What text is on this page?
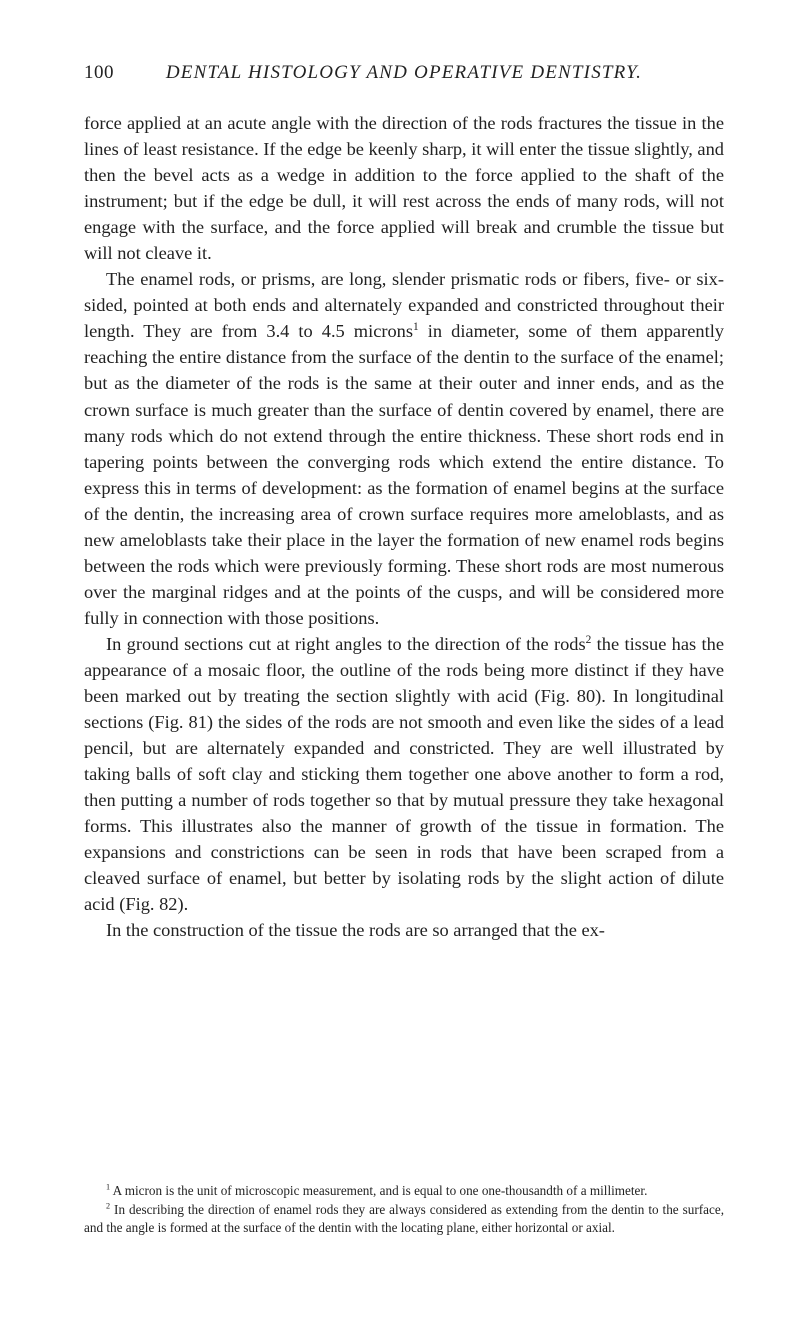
100	DENTAL HISTOLOGY AND OPERATIVE DENTISTRY.

force applied at an acute angle with the direction of the rods fractures the tissue in the lines of least resistance. If the edge be keenly sharp, it will enter the tissue slightly, and then the bevel acts as a wedge in addition to the force applied to the shaft of the instrument; but if the edge be dull, it will rest across the ends of many rods, will not engage with the surface, and the force applied will break and crumble the tissue but will not cleave it.

The enamel rods, or prisms, are long, slender prismatic rods or fibers, five- or six-sided, pointed at both ends and alternately expanded and constricted throughout their length. They are from 3.4 to 4.5 microns$^1$ in diameter, some of them apparently reaching the entire distance from the surface of the dentin to the surface of the enamel; but as the diameter of the rods is the same at their outer and inner ends, and as the crown surface is much greater than the surface of dentin covered by enamel, there are many rods which do not extend through the entire thickness. These short rods end in tapering points between the converging rods which extend the entire distance. To express this in terms of development: as the formation of enamel begins at the surface of the dentin, the increasing area of crown surface requires more ameloblasts, and as new ameloblasts take their place in the layer the formation of new enamel rods begins between the rods which were previously forming. These short rods are most numerous over the marginal ridges and at the points of the cusps, and will be considered more fully in connection with those positions.

In ground sections cut at right angles to the direction of the rods$^2$ the tissue has the appearance of a mosaic floor, the outline of the rods being more distinct if they have been marked out by treating the section slightly with acid (Fig. 80). In longitudinal sections (Fig. 81) the sides of the rods are not smooth and even like the sides of a lead pencil, but are alternately expanded and constricted. They are well illustrated by taking balls of soft clay and sticking them together one above another to form a rod, then putting a number of rods together so that by mutual pressure they take hexagonal forms. This illustrates also the manner of growth of the tissue in formation. The expansions and constrictions can be seen in rods that have been scraped from a cleaved surface of enamel, but better by isolating rods by the slight action of dilute acid (Fig. 82).

In the construction of the tissue the rods are so arranged that the ex-

$^1$ A micron is the unit of microscopic measurement, and is equal to one one-thousandth of a millimeter.

$^2$ In describing the direction of enamel rods they are always considered as extending from the dentin to the surface, and the angle is formed at the surface of the dentin with the locating plane, either horizontal or axial.
